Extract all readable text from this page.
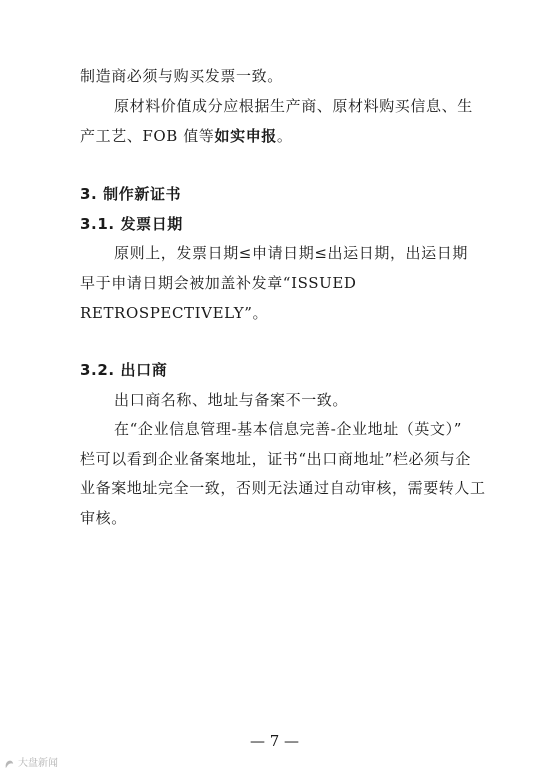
制造商必须与购买发票一致。
原材料价值成分应根据生产商、原材料购买信息、生
产工艺、FOB 值等如实申报。
3. 制作新证书
3.1. 发票日期
原则上，发票日期≤申请日期≤出运日期，出运日期
早于申请日期会被加盖补发章“ISSUED
RETROSPECTIVELY”。
3.2. 出口商
出口商名称、地址与备案不一致。
在“企业信息管理-基本信息完善-企业地址（英文）”
栏可以看到企业备案地址，证书“出口商地址”栏必须与企
业备案地址完全一致，否则无法通过自动审核，需要转人工
审核。
— 7 —
大盘新闻
